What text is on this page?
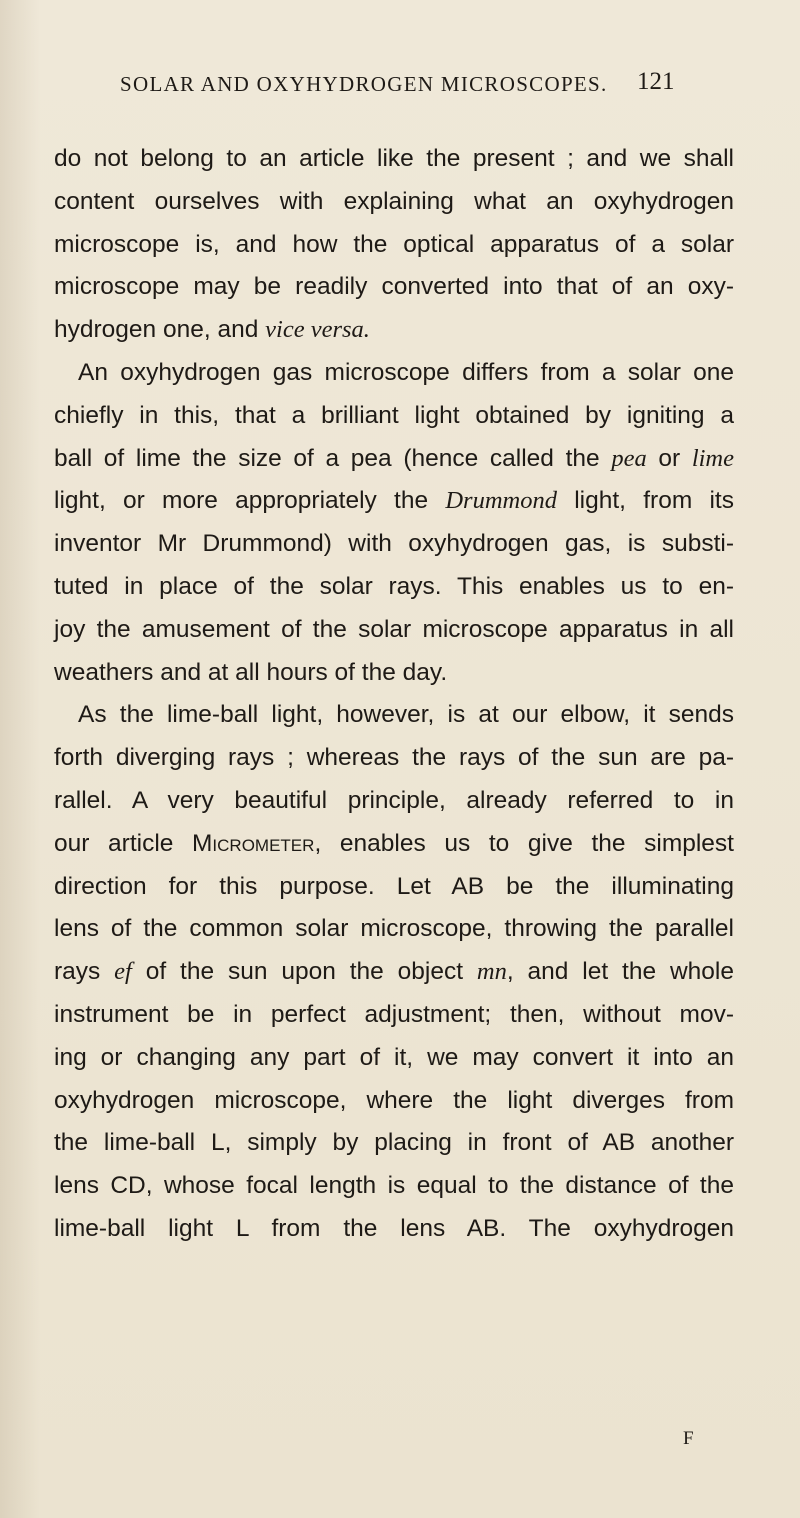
SOLAR AND OXYHYDROGEN MICROSCOPES. 121
do not belong to an article like the present ; and we shall
content ourselves with explaining what an oxyhydrogen
microscope is, and how the optical apparatus of a solar
microscope may be readily converted into that of an oxy-
hydrogen one, and vice versa.
An oxyhydrogen gas microscope differs from a solar one
chiefly in this, that a brilliant light obtained by igniting a
ball of lime the size of a pea (hence called the pea or lime
light, or more appropriately the Drummond light, from its
inventor Mr Drummond) with oxyhydrogen gas, is substi-
tuted in place of the solar rays. This enables us to en-
joy the amusement of the solar microscope apparatus in all
weathers and at all hours of the day.
As the lime-ball light, however, is at our elbow, it sends
forth diverging rays ; whereas the rays of the sun are pa-
rallel. A very beautiful principle, already referred to in
our article Micrometer, enables us to give the simplest
direction for this purpose. Let AB be the illuminating
lens of the common solar microscope, throwing the parallel
rays ef of the sun upon the object mn, and let the whole
instrument be in perfect adjustment; then, without mov-
ing or changing any part of it, we may convert it into an
oxyhydrogen microscope, where the light diverges from
the lime-ball L, simply by placing in front of AB another
lens CD, whose focal length is equal to the distance of the
lime-ball light L from the lens AB. The oxyhydrogen
F
